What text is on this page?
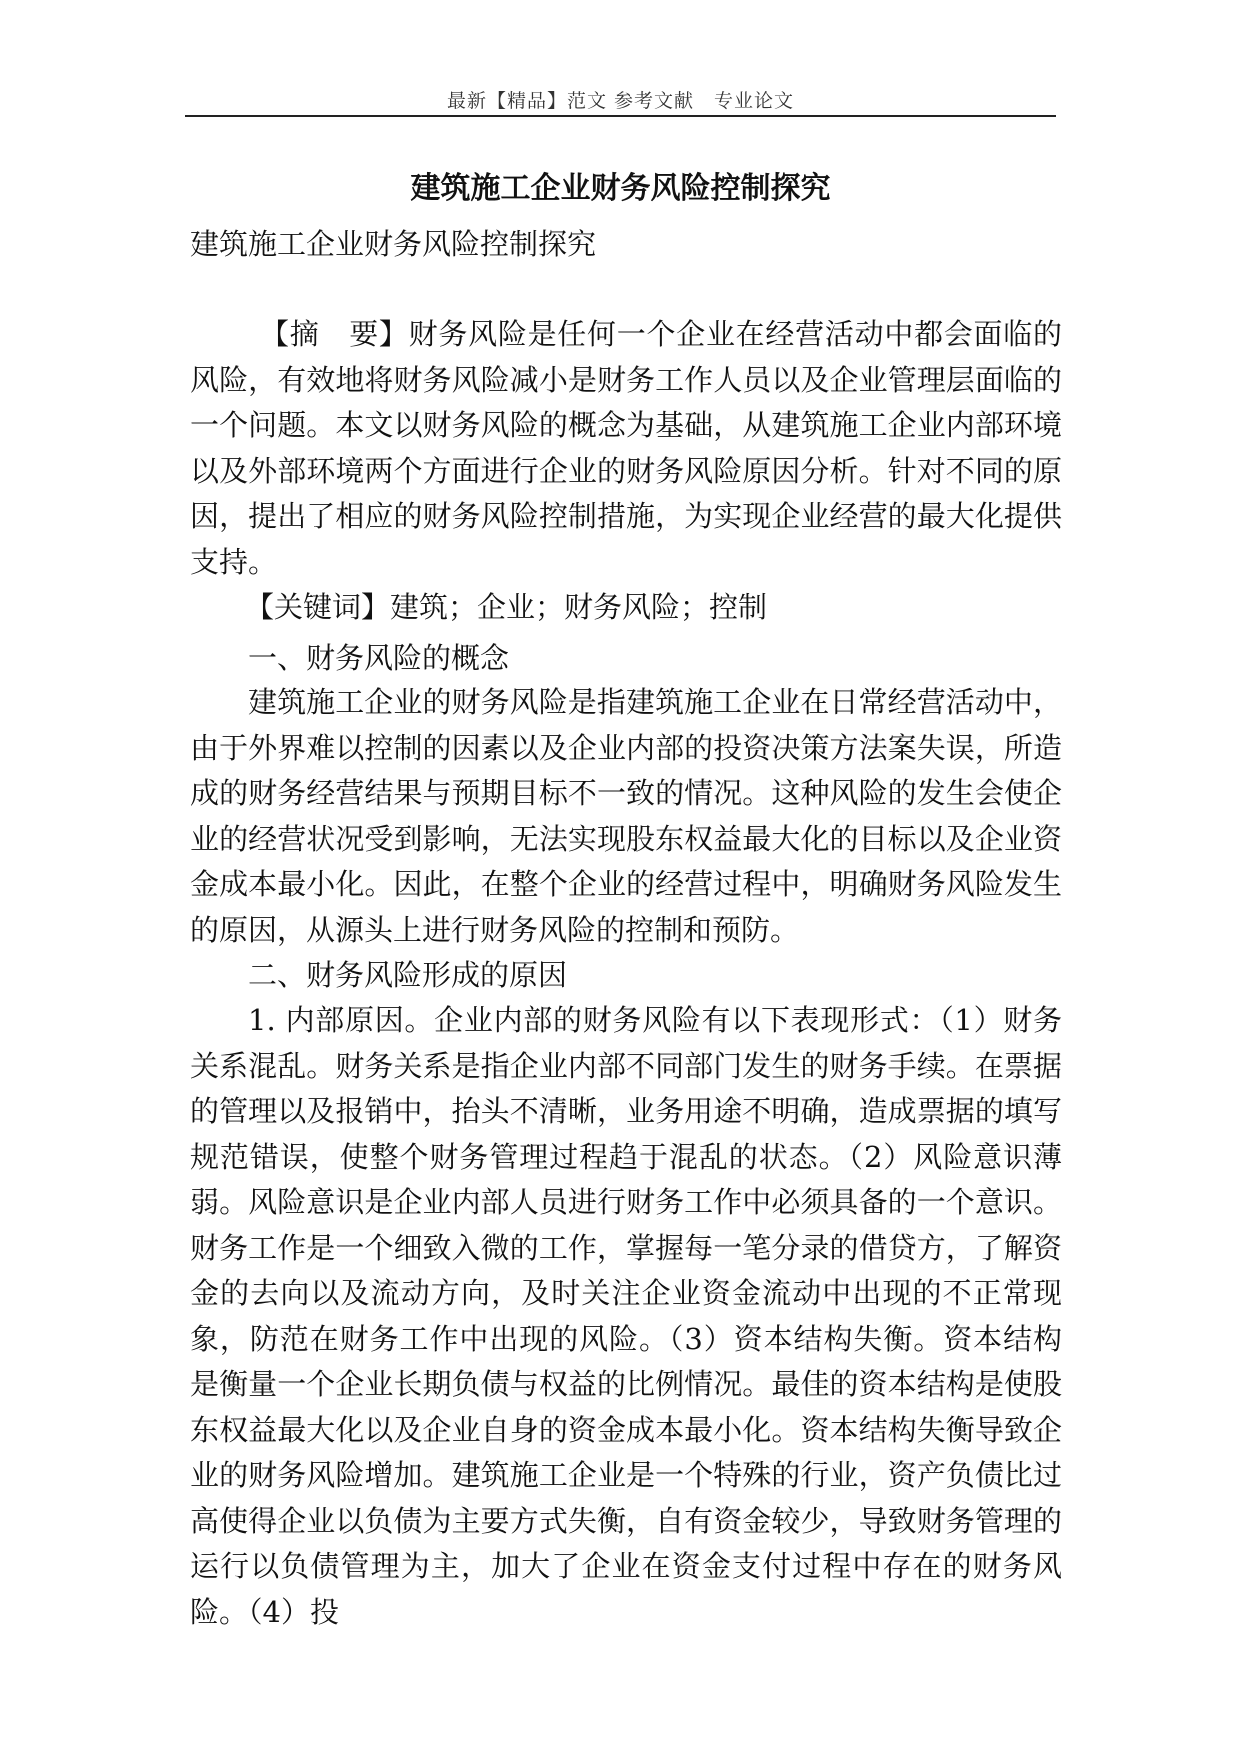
最新【精品】范文 参考文献　专业论文
建筑施工企业财务风险控制探究
建筑施工企业财务风险控制探究

【摘　要】财务风险是任何一个企业在经营活动中都会面临的风险，有效地将财务风险减小是财务工作人员以及企业管理层面临的一个问题。本文以财务风险的概念为基础，从建筑施工企业内部环境以及外部环境两个方面进行企业的财务风险原因分析。针对不同的原因，提出了相应的财务风险控制措施，为实现企业经营的最大化提供支持。

【关键词】建筑；企业；财务风险；控制

一、财务风险的概念

建筑施工企业的财务风险是指建筑施工企业在日常经营活动中，由于外界难以控制的因素以及企业内部的投资决策方法案失误，所造成的财务经营结果与预期目标不一致的情况。这种风险的发生会使企业的经营状况受到影响，无法实现股东权益最大化的目标以及企业资金成本最小化。因此，在整个企业的经营过程中，明确财务风险发生的原因，从源头上进行财务风险的控制和预防。

二、财务风险形成的原因

1. 内部原因。企业内部的财务风险有以下表现形式：（1）财务关系混乱。财务关系是指企业内部不同部门发生的财务手续。在票据的管理以及报销中，抬头不清晰，业务用途不明确，造成票据的填写规范错误，使整个财务管理过程趋于混乱的状态。（2）风险意识薄弱。风险意识是企业内部人员进行财务工作中必须具备的一个意识。财务工作是一个细致入微的工作，掌握每一笔分录的借贷方，了解资金的去向以及流动方向，及时关注企业资金流动中出现的不正常现象，防范在财务工作中出现的风险。（3）资本结构失衡。资本结构是衡量一个企业长期负债与权益的比例情况。最佳的资本结构是使股东权益最大化以及企业自身的资金成本最小化。资本结构失衡导致企业的财务风险增加。建筑施工企业是一个特殊的行业，资产负债比过高使得企业以负债为主要方式失衡，自有资金较少，导致财务管理的运行以负债管理为主，加大了企业在资金支付过程中存在的财务风险。（4）投
